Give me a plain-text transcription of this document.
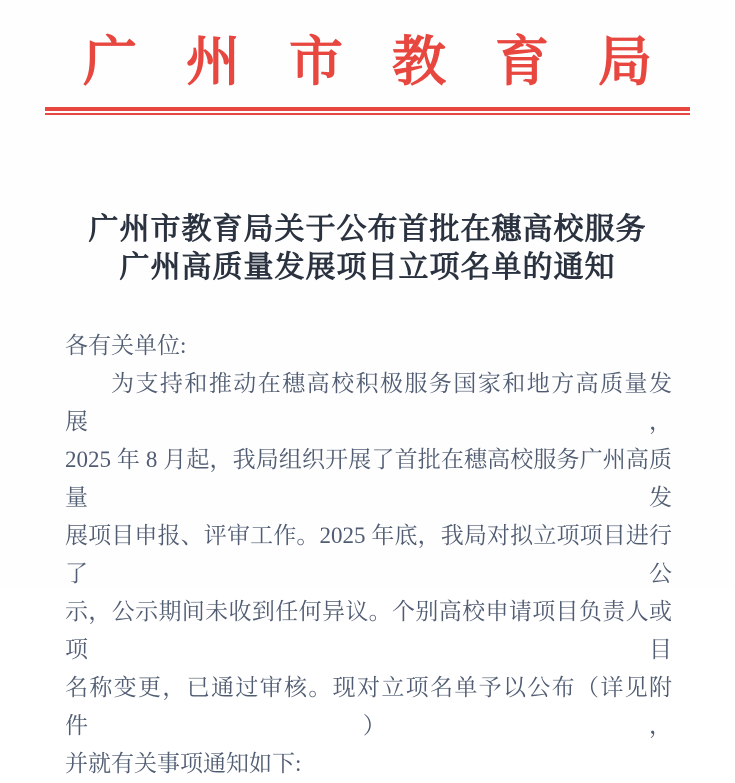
广州市教育局
广州市教育局关于公布首批在穗高校服务
广州高质量发展项目立项名单的通知

各有关单位:

为支持和推动在穗高校积极服务国家和地方高质量发展，

2025 年 8 月起，我局组织开展了首批在穗高校服务广州高质量发

展项目申报、评审工作。2025 年底，我局对拟立项项目进行了公

示，公示期间未收到任何异议。个别高校申请项目负责人或项目

名称变更，已通过审核。现对立项名单予以公布（详见附件），

并就有关事项通知如下:
